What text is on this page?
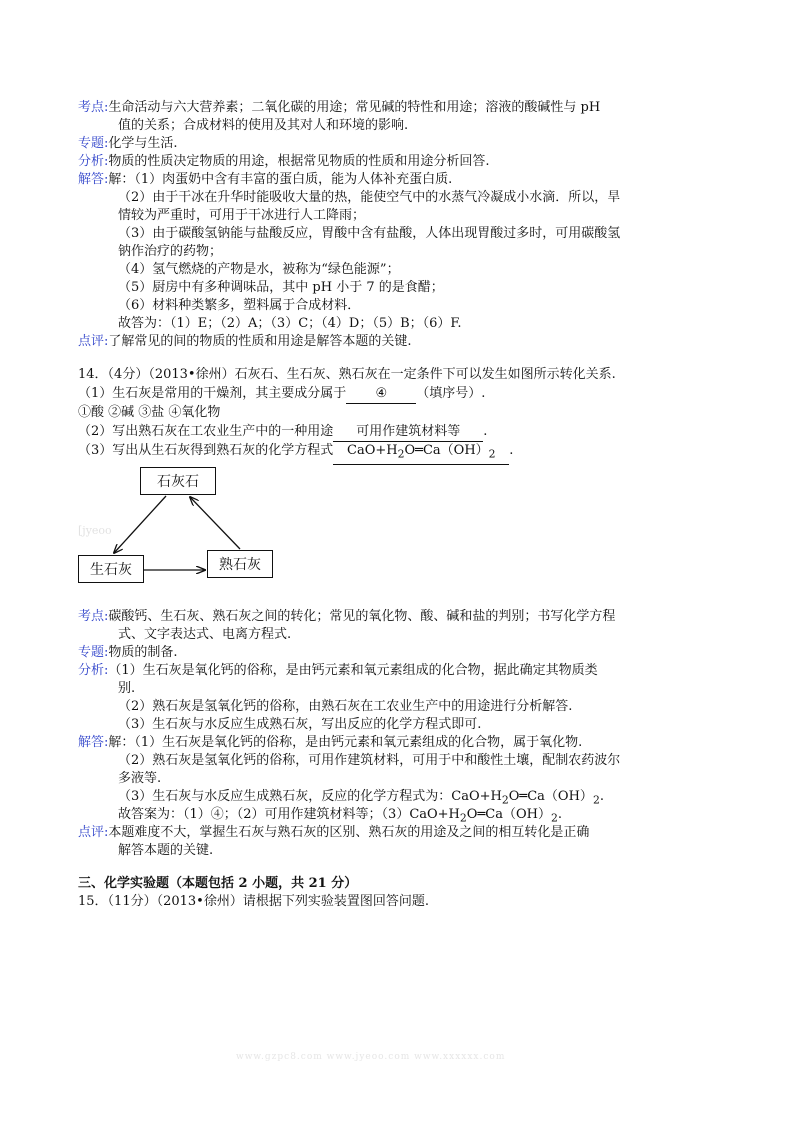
考点:生命活动与六大营养素；二氧化碳的用途；常见碱的特性和用途；溶液的酸碱性与 pH
值的关系；合成材料的使用及其对人和环境的影响.
专题:化学与生活.
分析:物质的性质决定物质的用途，根据常见物质的性质和用途分析回答.
解答:解：（1）肉蛋奶中含有丰富的蛋白质，能为人体补充蛋白质.
（2）由于干冰在升华时能吸收大量的热，能使空气中的水蒸气冷凝成小水滴．所以，旱
情较为严重时，可用于干冰进行人工降雨；
（3）由于碳酸氢钠能与盐酸反应，胃酸中含有盐酸，人体出现胃酸过多时，可用碳酸氢
钠作治疗的药物；
（4）氢气燃烧的产物是水，被称为“绿色能源”；
（5）厨房中有多种调味品，其中 pH 小于 7 的是食醋；
（6）材料种类繁多，塑料属于合成材料．
故答为：（1）E；（2）A；（3）C；（4）D；（5）B；（6）F.
点评:了解常见的间的物质的性质和用途是解答本题的关键.
14．（4分）（2013•徐州）石灰石、生石灰、熟石灰在一定条件下可以发生如图所示转化关系.
（1）生石灰是常用的干燥剂，其主要成分属于 ④ （填序号）.
①酸 ②碱 ③盐 ④氧化物
（2）写出熟石灰在工农业生产中的一种用途 可用作建筑材料等 .
（3）写出从生石灰得到熟石灰的化学方程式 $CaO+H_2O═Ca(OH)_2$ .
石灰石
生石灰	熟石灰
[jyeoo
考点:碳酸钙、生石灰、熟石灰之间的转化；常见的氧化物、酸、碱和盐的判别；书写化学方程
式、文字表达式、电离方程式.
专题:物质的制备.
分析:（1）生石灰是氧化钙的俗称，是由钙元素和氧元素组成的化合物，据此确定其物质类
别.
（2）熟石灰是氢氧化钙的俗称，由熟石灰在工农业生产中的用途进行分析解答.
（3）生石灰与水反应生成熟石灰，写出反应的化学方程式即可.
解答:解：（1）生石灰是氧化钙的俗称，是由钙元素和氧元素组成的化合物，属于氧化物.
（2）熟石灰是氢氧化钙的俗称，可用作建筑材料，可用于中和酸性土壤，配制农药波尔
多液等.
（3）生石灰与水反应生成熟石灰，反应的化学方程式为：$CaO+H_2O═Ca(OH)_2$.
故答案为：（1）④；（2）可用作建筑材料等；$(3)CaO+H_2O═Ca(OH)_2$.
点评:本题难度不大，掌握生石灰与熟石灰的区别、熟石灰的用途及之间的相互转化是正确
解答本题的关键.
三、化学实验题（本题包括 2 小题，共 21 分）
15．（11分）（2013•徐州）请根据下列实验装置图回答问题.
www.gzpc8.com www.jyeoo.com www.xxxxxx.com
